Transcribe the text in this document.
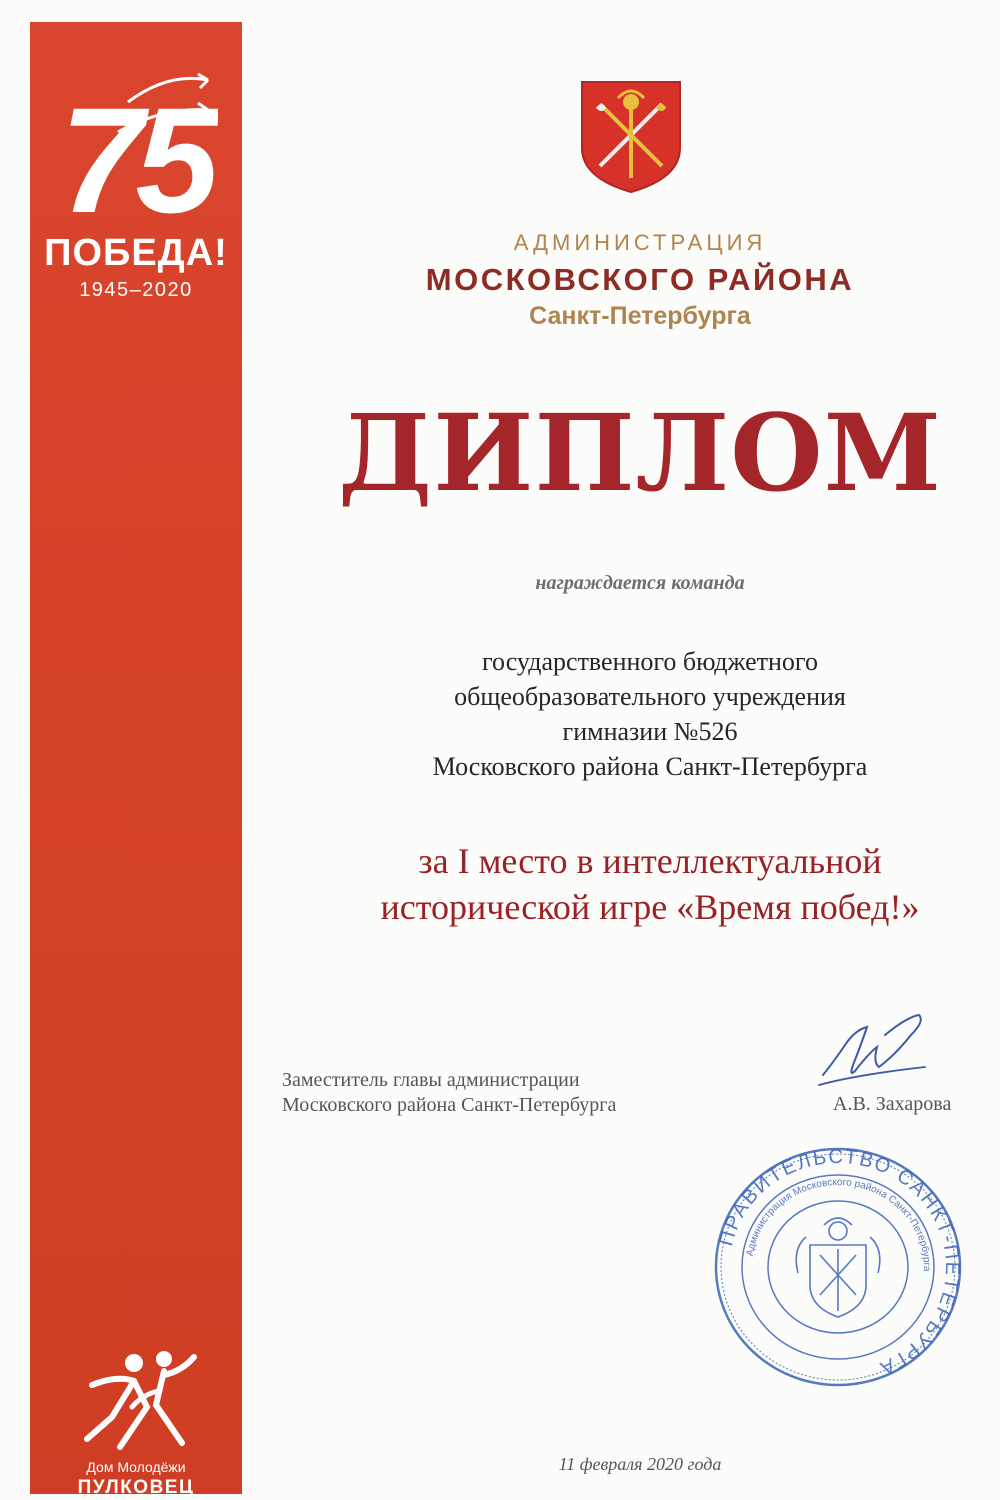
75
ПОБЕДА!
1945–2020
Дом Молодёжи
ПУЛКОВЕЦ
АДМИНИСТРАЦИЯ
МОСКОВСКОГО РАЙОНА
Санкт-Петербурга
ДИПЛОМ
награждается команда
государственного бюджетного
общеобразовательного учреждения
гимназии №526
Московского района Санкт-Петербурга
за I место в интеллектуальной
исторической игре «Время побед!»
Заместитель главы администрации
Московского района Санкт-Петербурга	А.В. Захарова
ПРАВИТЕЛЬСТВО САНКТ-ПЕТЕРБУРГА
Администрация Московского района Санкт-Петербурга
11 февраля 2020 года
